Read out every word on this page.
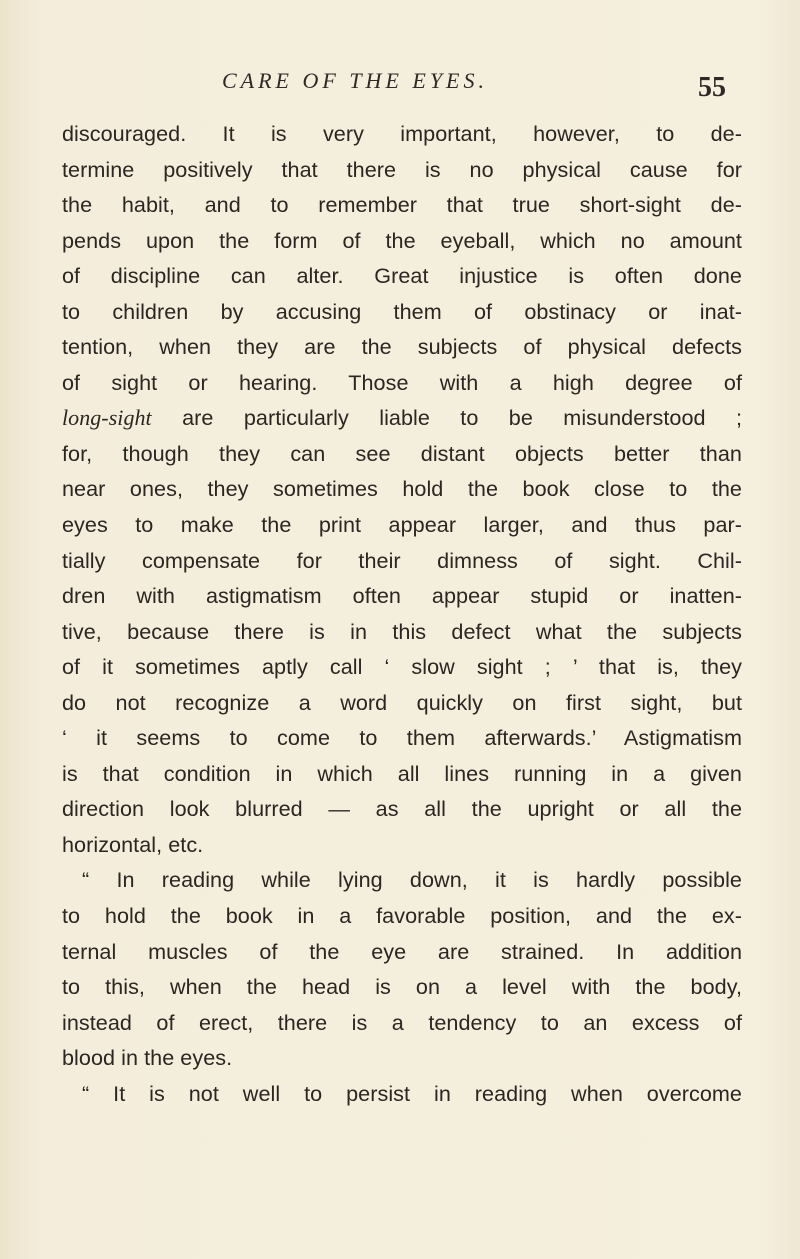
CARE OF THE EYES.	55
discouraged. It is very important, however, to de-
termine positively that there is no physical cause for
the habit, and to remember that true short-sight de-
pends upon the form of the eyeball, which no amount
of discipline can alter. Great injustice is often done
to children by accusing them of obstinacy or inat-
tention, when they are the subjects of physical defects
of sight or hearing. Those with a high degree of
long-sight are particularly liable to be misunderstood ;
for, though they can see distant objects better than
near ones, they sometimes hold the book close to the
eyes to make the print appear larger, and thus par-
tially compensate for their dimness of sight. Chil-
dren with astigmatism often appear stupid or inatten-
tive, because there is in this defect what the subjects
of it sometimes aptly call ‘ slow sight ; ’ that is, they
do not recognize a word quickly on first sight, but
‘ it seems to come to them afterwards.’ Astigmatism
is that condition in which all lines running in a given
direction look blurred — as all the upright or all the
horizontal, etc.
“ In reading while lying down, it is hardly possible
to hold the book in a favorable position, and the ex-
ternal muscles of the eye are strained. In addition
to this, when the head is on a level with the body,
instead of erect, there is a tendency to an excess of
blood in the eyes.
“ It is not well to persist in reading when overcome
